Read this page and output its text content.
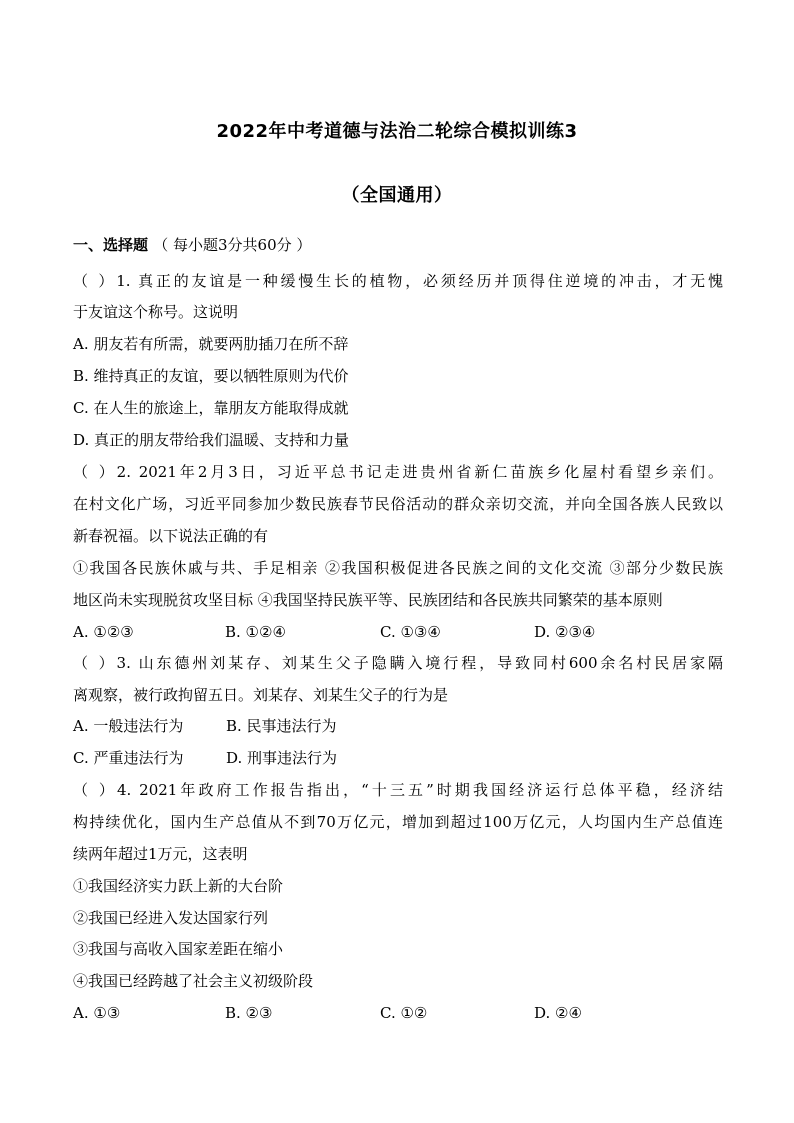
2022年中考道德与法治二轮综合模拟训练3
（全国通用）
一、选择题 （ 每小题3分共60分 ）
（ ）1. 真正的友谊是一种缓慢生长的植物，必须经历并顶得住逆境的冲击，才无愧
于友谊这个称号。这说明
A. 朋友若有所需，就要两肋插刀在所不辞
B. 维持真正的友谊，要以牺牲原则为代价
C. 在人生的旅途上，靠朋友方能取得成就
D. 真正的朋友带给我们温暖、支持和力量
（ ）2. 2021年2月3日，习近平总书记走进贵州省新仁苗族乡化屋村看望乡亲们。
在村文化广场，习近平同参加少数民族春节民俗活动的群众亲切交流，并向全国各族人民致以
新春祝福。以下说法正确的有
①我国各民族休戚与共、手足相亲 ②我国积极促进各民族之间的文化交流 ③部分少数民族
地区尚未实现脱贫攻坚目标 ④我国坚持民族平等、民族团结和各民族共同繁荣的基本原则
A. ①②③	B. ①②④	C. ①③④	D. ②③④
（ ）3. 山东德州刘某存、刘某生父子隐瞒入境行程，导致同村600余名村民居家隔
离观察，被行政拘留五日。刘某存、刘某生父子的行为是
A. 一般违法行为	B. 民事违法行为
C. 严重违法行为	D. 刑事违法行为
（ ）4. 2021年政府工作报告指出，“十三五”时期我国经济运行总体平稳，经济结
构持续优化，国内生产总值从不到70万亿元，增加到超过100万亿元，人均国内生产总值连
续两年超过1万元，这表明
①我国经济实力跃上新的大台阶
②我国已经进入发达国家行列
③我国与高收入国家差距在缩小
④我国已经跨越了社会主义初级阶段
A. ①③	B. ②③	C. ①②	D. ②④
